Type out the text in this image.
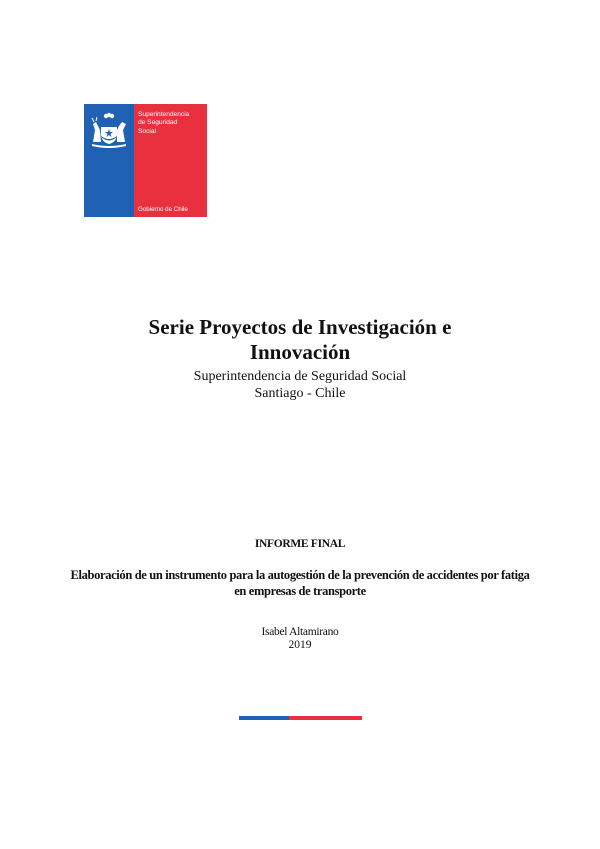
Superintendencia
de Seguridad
Social
Gobierno de Chile
Serie Proyectos de Investigación e Innovación
Superintendencia de Seguridad Social
Santiago - Chile
INFORME FINAL
Elaboración de un instrumento para la autogestión de la prevención de accidentes por fatiga en empresas de transporte
Isabel Altamirano
2019
